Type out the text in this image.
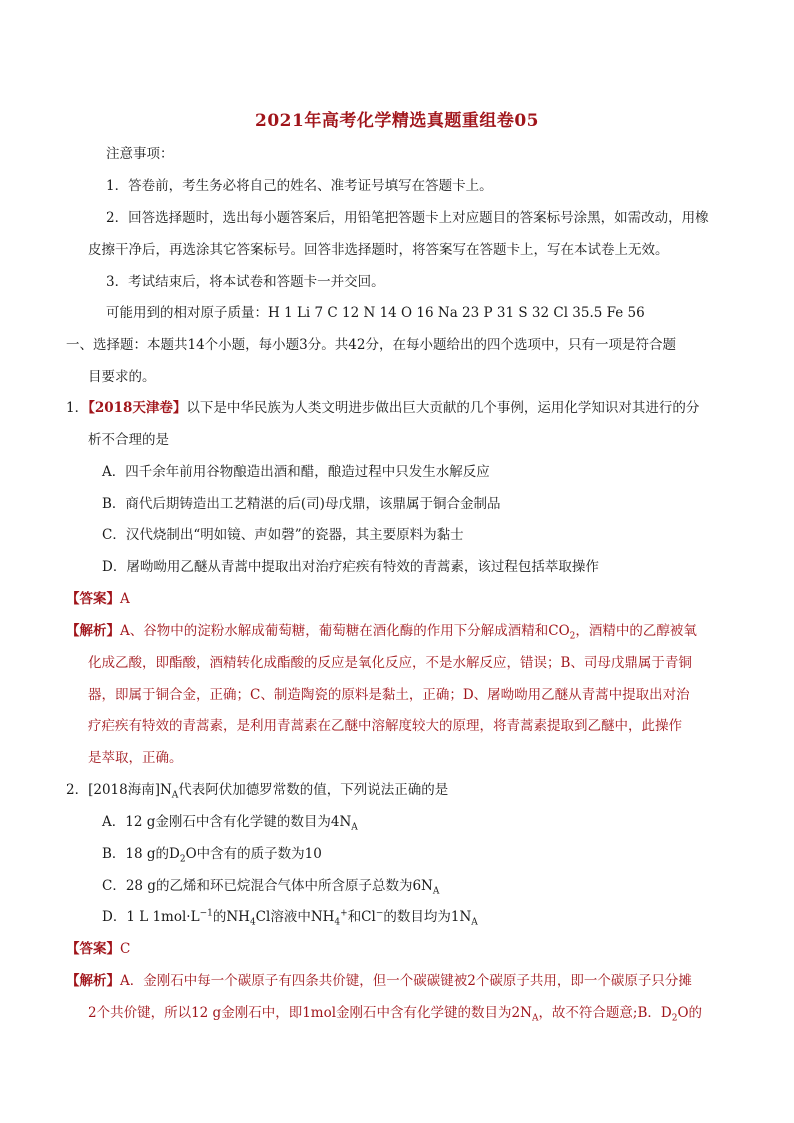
2021年高考化学精选真题重组卷05
注意事项：
1．答卷前，考生务必将自己的姓名、准考证号填写在答题卡上。
2．回答选择题时，选出每小题答案后，用铅笔把答题卡上对应题目的答案标号涂黑，如需改动，用橡
皮擦干净后，再选涂其它答案标号。回答非选择题时，将答案写在答题卡上，写在本试卷上无效。
3．考试结束后，将本试卷和答题卡一并交回。
可能用到的相对原子质量：H 1 Li 7 C 12 N 14 O 16 Na 23 P 31 S 32 Cl 35.5 Fe 56
一、选择题：本题共14个小题，每小题3分。共42分，在每小题给出的四个选项中，只有一项是符合题
目要求的。
1．【2018天津卷】以下是中华民族为人类文明进步做出巨大贡献的几个事例，运用化学知识对其进行的分
析不合理的是
A．四千余年前用谷物酿造出酒和醋，酿造过程中只发生水解反应
B．商代后期铸造出工艺精湛的后(司)母戊鼎，该鼎属于铜合金制品
C．汉代烧制出“明如镜、声如磬”的瓷器，其主要原料为黏士
D．屠呦呦用乙醚从青蒿中提取出对治疗疟疾有特效的青蒿素，该过程包括萃取操作
【答案】A
【解析】A、谷物中的淀粉水解成葡萄糖，葡萄糖在酒化酶的作用下分解成酒精和$CO_2$，酒精中的乙醇被氧
化成乙酸，即酯酸，酒精转化成酯酸的反应是氧化反应，不是水解反应，错误；B、司母戊鼎属于青铜
器，即属于铜合金，正确；C、制造陶瓷的原料是黏土，正确；D、屠呦呦用乙醚从青蒿中提取出对治
疗疟疾有特效的青蒿素，是利用青蒿素在乙醚中溶解度较大的原理，将青蒿素提取到乙醚中，此操作
是萃取，正确。
2．[2018海南]$N_A$代表阿伏加德罗常数的值，下列说法正确的是
A．12 g金刚石中含有化学键的数目为$4N_A$
B．18 g的$D_2O$中含有的质子数为10
C．28 g的乙烯和环已烷混合气体中所含原子总数为$6N_A$
D．1 L $1mol\cdot L^{-1}$的$NH_4Cl$溶液中$NH_4^+$和Cl−的数目均为$1N_A$
【答案】C
【解析】A．金刚石中每一个碳原子有四条共价键，但一个碳碳键被2个碳原子共用，即一个碳原子只分摊
2个共价键，所以12 g金刚石中，即1mol金刚石中含有化学键的数目为$2N_A$，故不符合题意;B．$D_2O$的
